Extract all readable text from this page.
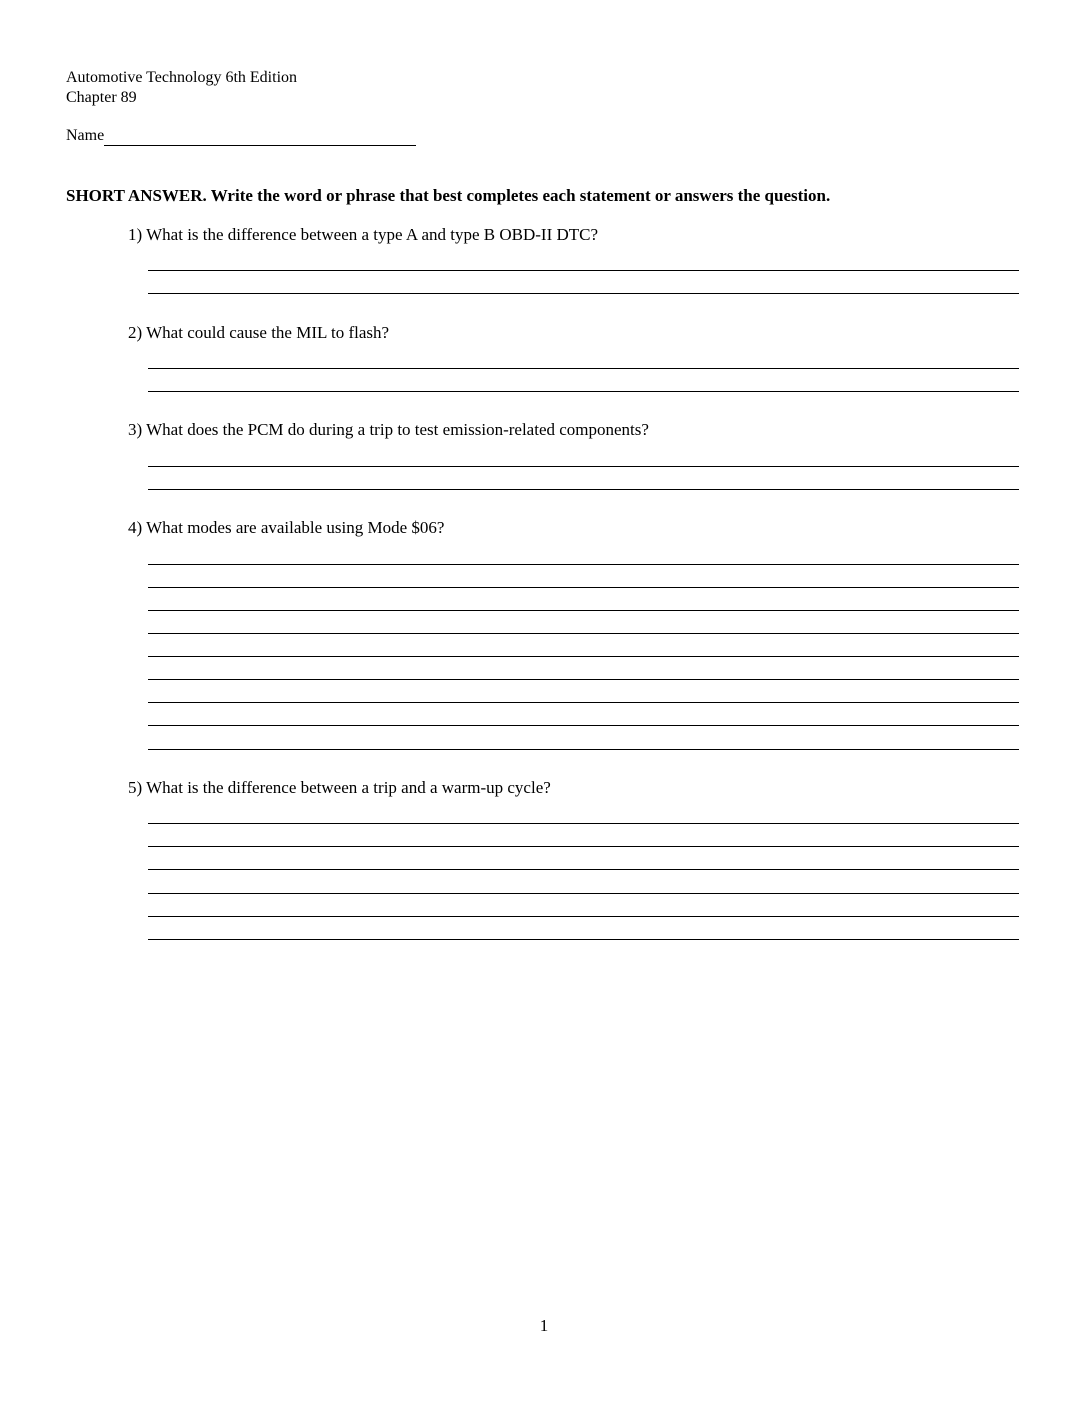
Automotive Technology 6th Edition
Chapter 89
Name
SHORT ANSWER. Write the word or phrase that best completes each statement or answers the question.
1) What is the difference between a type A and type B OBD-II DTC?
2) What could cause the MIL to flash?
3) What does the PCM do during a trip to test emission-related components?
4) What modes are available using Mode $06?
5) What is the difference between a trip and a warm-up cycle?
1
